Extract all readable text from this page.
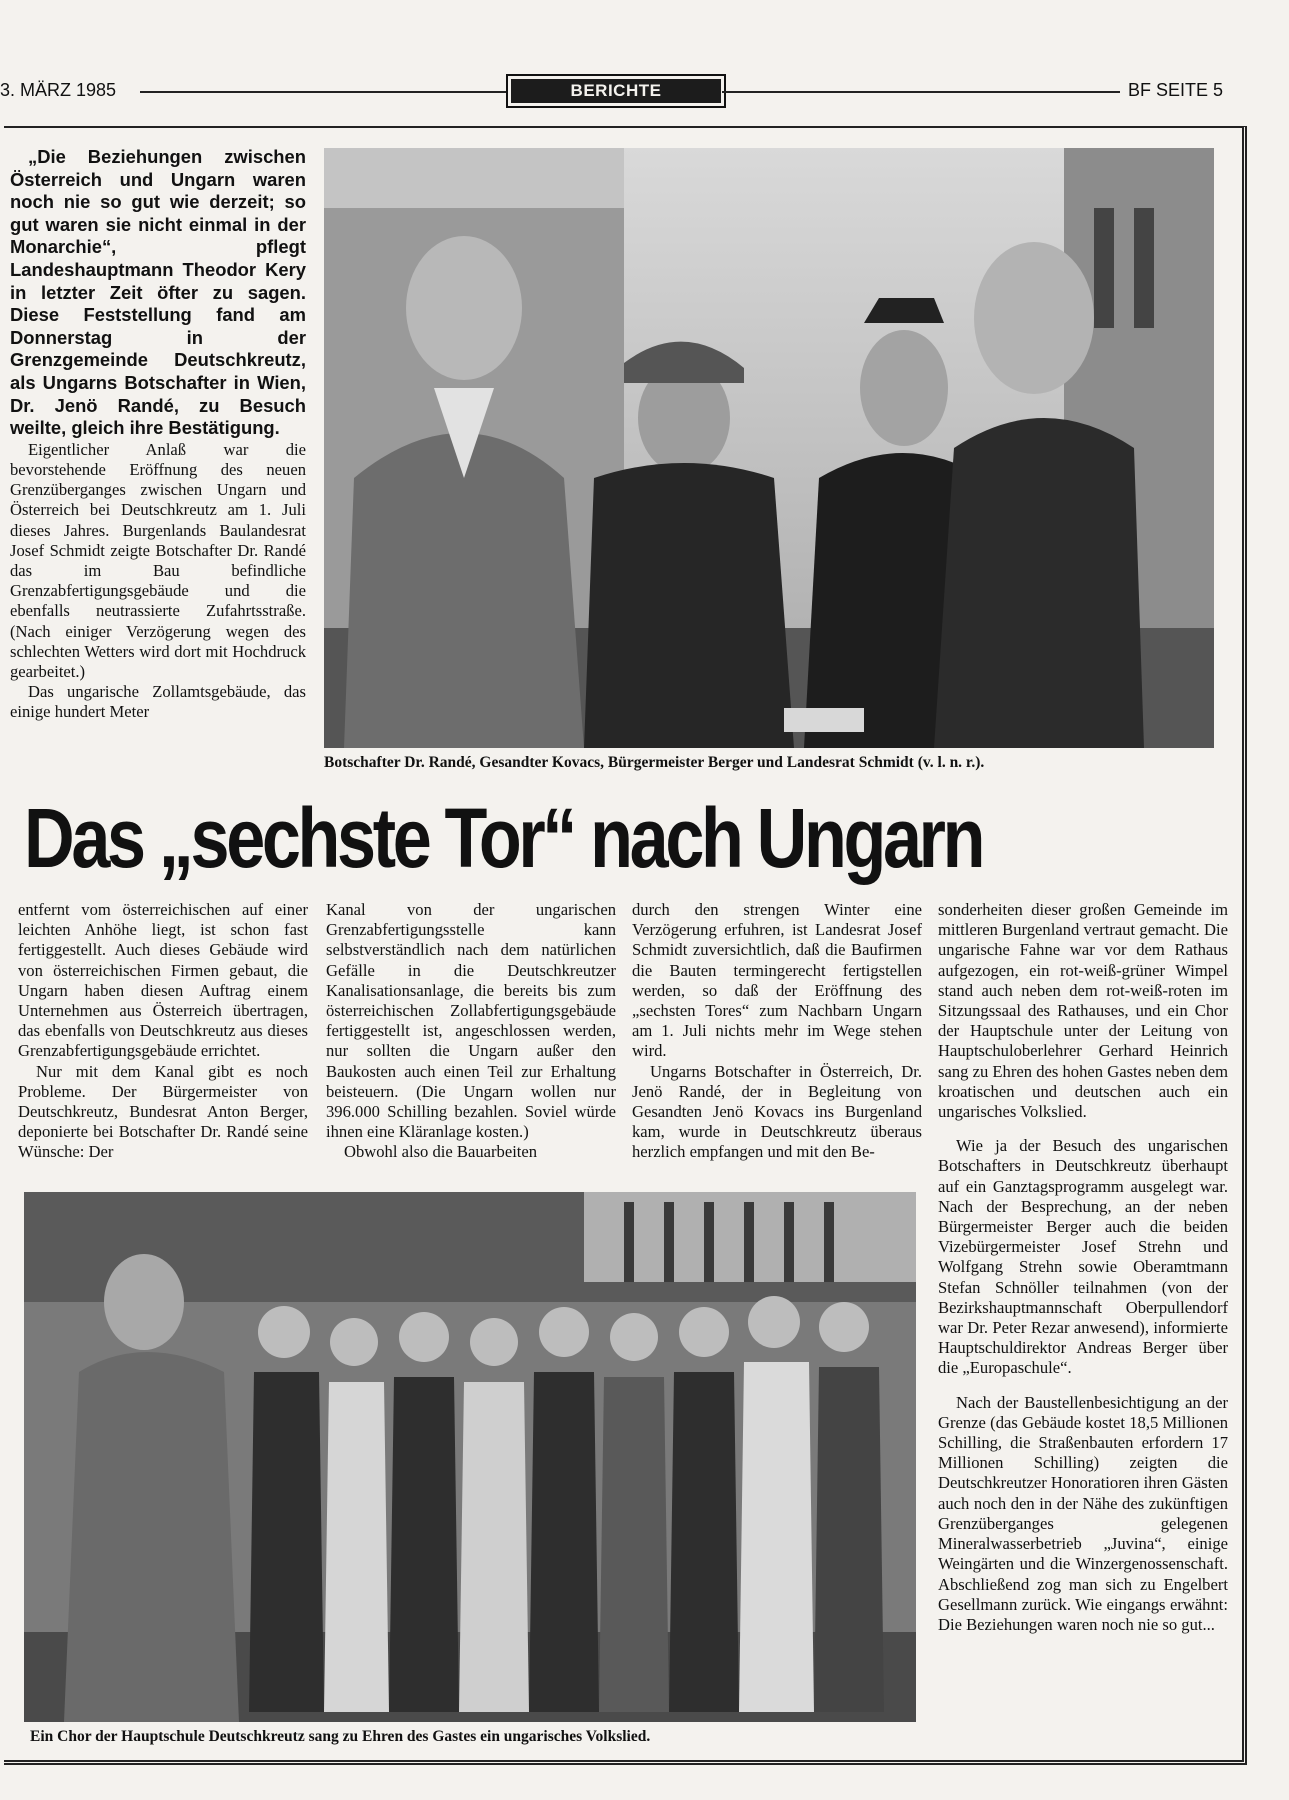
3. MÄRZ 1985	BERICHTE	BF SEITE 5

„Die Beziehungen zwischen Österreich und Ungarn waren noch nie so gut wie derzeit; so gut waren sie nicht einmal in der Monarchie“, pflegt Landeshauptmann Theodor Kery in letzter Zeit öfter zu sagen. Diese Feststellung fand am Donnerstag in der Grenzgemeinde Deutschkreutz, als Ungarns Botschafter in Wien, Dr. Jenö Randé, zu Besuch weilte, gleich ihre Bestätigung.

Eigentlicher Anlaß war die bevorstehende Eröffnung des neuen Grenzüberganges zwischen Ungarn und Österreich bei Deutschkreutz am 1. Juli dieses Jahres. Burgenlands Baulandesrat Josef Schmidt zeigte Botschafter Dr. Randé das im Bau befindliche Grenzabfertigungsgebäude und die ebenfalls neutrassierte Zufahrtsstraße. (Nach einiger Verzögerung wegen des schlechten Wetters wird dort mit Hochdruck gearbeitet.)

Das ungarische Zollamtsgebäude, das einige hundert Meter

Botschafter Dr. Randé, Gesandter Kovacs, Bürgermeister Berger und Landesrat Schmidt (v. l. n. r.).
Das „sechste Tor“ nach Ungarn

entfernt vom österreichischen auf einer leichten Anhöhe liegt, ist schon fast fertiggestellt. Auch dieses Gebäude wird von österreichischen Firmen gebaut, die Ungarn haben diesen Auftrag einem Unternehmen aus Österreich übertragen, das ebenfalls von Deutschkreutz aus dieses Grenzabfertigungsgebäude errichtet.

Nur mit dem Kanal gibt es noch Probleme. Der Bürgermeister von Deutschkreutz, Bundesrat Anton Berger, deponierte bei Botschafter Dr. Randé seine Wünsche: Der

Kanal von der ungarischen Grenzabfertigungsstelle kann selbstverständlich nach dem natürlichen Gefälle in die Deutschkreutzer Kanalisationsanlage, die bereits bis zum österreichischen Zollabfertigungsgebäude fertiggestellt ist, angeschlossen werden, nur sollten die Ungarn außer den Baukosten auch einen Teil zur Erhaltung beisteuern. (Die Ungarn wollen nur 396.000 Schilling bezahlen. Soviel würde ihnen eine Kläranlage kosten.)

Obwohl also die Bauarbeiten

durch den strengen Winter eine Verzögerung erfuhren, ist Landesrat Josef Schmidt zuversichtlich, daß die Baufirmen die Bauten termingerecht fertigstellen werden, so daß der Eröffnung des „sechsten Tores“ zum Nachbarn Ungarn am 1. Juli nichts mehr im Wege stehen wird.

Ungarns Botschafter in Österreich, Dr. Jenö Randé, der in Begleitung von Gesandten Jenö Kovacs ins Burgenland kam, wurde in Deutschkreutz überaus herzlich empfangen und mit den Be-

sonderheiten dieser großen Gemeinde im mittleren Burgenland vertraut gemacht. Die ungarische Fahne war vor dem Rathaus aufgezogen, ein rot-weiß-grüner Wimpel stand auch neben dem rot-weiß-roten im Sitzungssaal des Rathauses, und ein Chor der Hauptschule unter der Leitung von Hauptschuloberlehrer Gerhard Heinrich sang zu Ehren des hohen Gastes neben dem kroatischen und deutschen auch ein ungarisches Volkslied.

Wie ja der Besuch des ungarischen Botschafters in Deutschkreutz überhaupt auf ein Ganztagsprogramm ausgelegt war. Nach der Besprechung, an der neben Bürgermeister Berger auch die beiden Vizebürgermeister Josef Strehn und Wolfgang Strehn sowie Oberamtmann Stefan Schnöller teilnahmen (von der Bezirkshauptmannschaft Oberpullendorf war Dr. Peter Rezar anwesend), informierte Hauptschuldirektor Andreas Berger über die „Europaschule“.

Nach der Baustellenbesichtigung an der Grenze (das Gebäude kostet 18,5 Millionen Schilling, die Straßenbauten erfordern 17 Millionen Schilling) zeigten die Deutschkreutzer Honoratioren ihren Gästen auch noch den in der Nähe des zukünftigen Grenzüberganges gelegenen Mineralwasserbetrieb „Juvina“, einige Weingärten und die Winzergenossenschaft. Abschließend zog man sich zu Engelbert Gesellmann zurück. Wie eingangs erwähnt: Die Beziehungen waren noch nie so gut...

Ein Chor der Hauptschule Deutschkreutz sang zu Ehren des Gastes ein ungarisches Volkslied.
